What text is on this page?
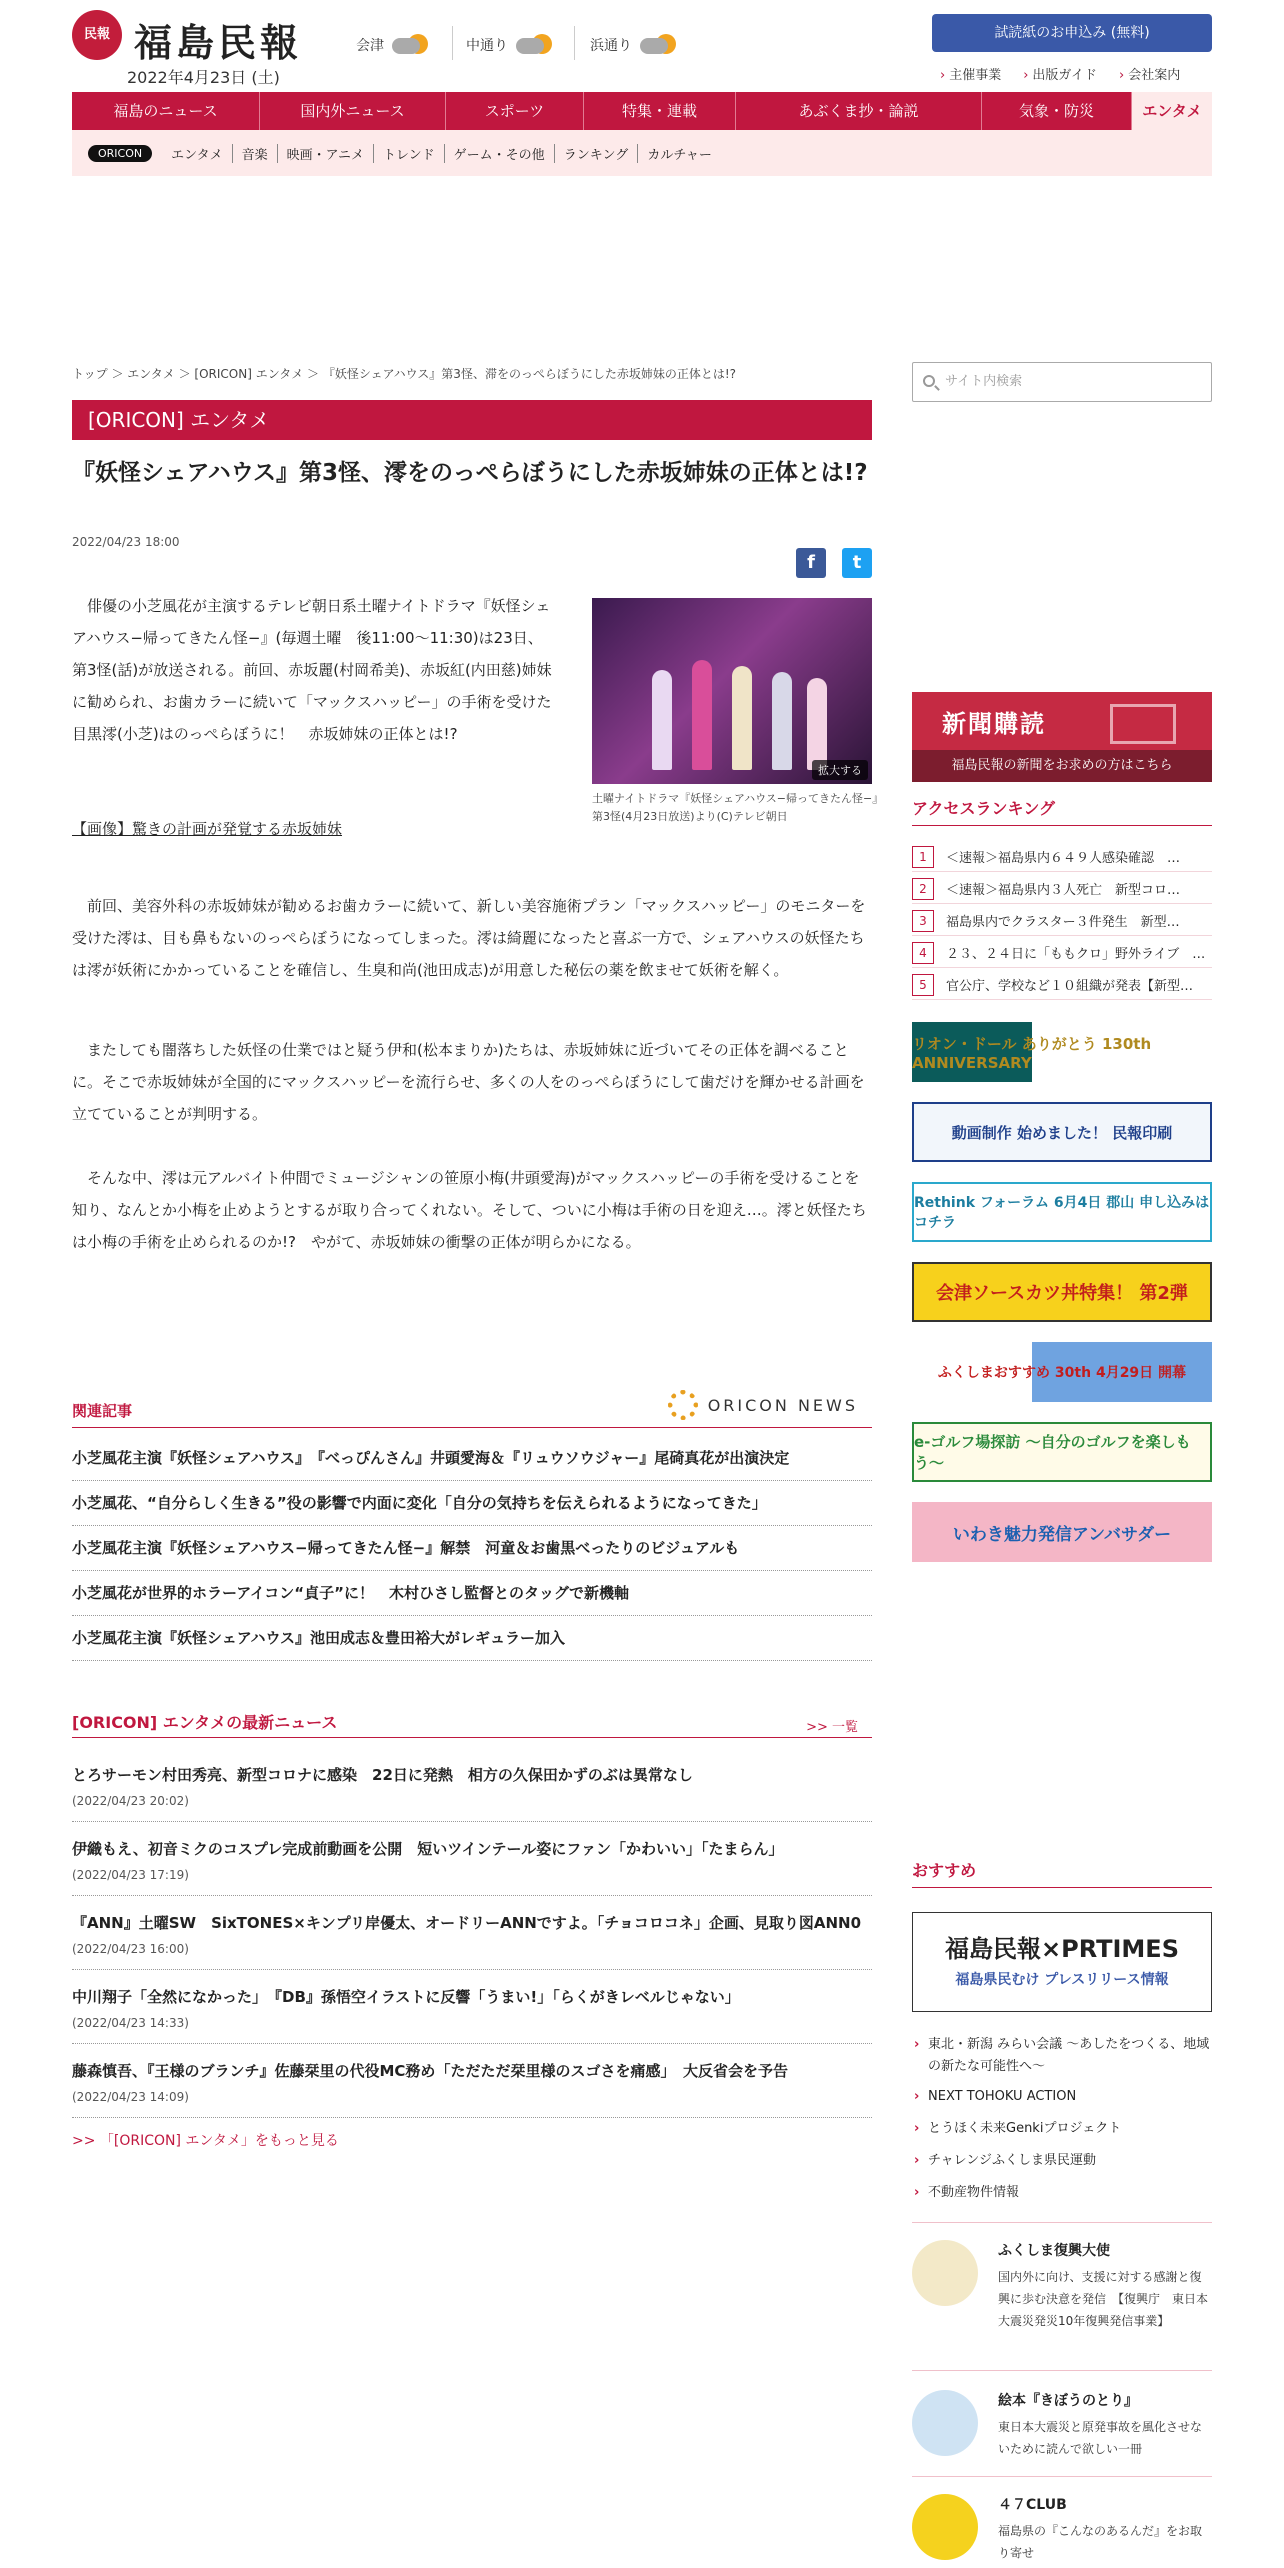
民報 福島民報
2022年4月23日 (土)
会津	中通り	浜通り
試読紙のお申込み (無料)
› 主催事業 › 出版ガイド › 会社案内
福島のニュース	国内外ニュース	スポーツ	特集・連載	あぶくま抄・論説	気象・防災	エンタメ
ORICON	エンタメ	音楽	映画・アニメ	トレンド	ゲーム・その他	ランキング	カルチャー
トップ ＞ エンタメ ＞ [ORICON] エンタメ ＞ 『妖怪シェアハウス』第3怪、滞をのっぺらぼうにした赤坂姉妹の正体とは!?
[ORICON] エンタメ
『妖怪シェアハウス』第3怪、澪をのっぺらぼうにした赤坂姉妹の正体とは!?
2022/04/23 18:00
f	t

俳優の小芝風花が主演するテレビ朝日系土曜ナイトドラマ『妖怪シェアハウス−帰ってきたん怪−』(毎週土曜　後11:00〜11:30)は23日、第3怪(話)が放送される。前回、赤坂麗(村岡希美)、赤坂紅(内田慈)姉妹に勧められ、お歯カラーに続いて「マックスハッピー」の手術を受けた目黒澪(小芝)はのっぺらぼうに！　赤坂姉妹の正体とは!?

拡大する
土曜ナイトドラマ『妖怪シェアハウス−帰ってきたん怪−』第3怪(4月23日放送)より(C)テレビ朝日
【画像】驚きの計画が発覚する赤坂姉妹

前回、美容外科の赤坂姉妹が勧めるお歯カラーに続いて、新しい美容施術プラン「マックスハッピー」のモニターを受けた澪は、目も鼻もないのっぺらぼうになってしまった。澪は綺麗になったと喜ぶ一方で、シェアハウスの妖怪たちは澪が妖術にかかっていることを確信し、生臭和尚(池田成志)が用意した秘伝の薬を飲ませて妖術を解く。

またしても闇落ちした妖怪の仕業ではと疑う伊和(松本まりか)たちは、赤坂姉妹に近づいてその正体を調べることに。そこで赤坂姉妹が全国的にマックスハッピーを流行らせ、多くの人をのっぺらぼうにして歯だけを輝かせる計画を立てていることが判明する。

そんな中、澪は元アルバイト仲間でミュージシャンの笹原小梅(井頭愛海)がマックスハッピーの手術を受けることを知り、なんとか小梅を止めようとするが取り合ってくれない。そして、ついに小梅は手術の日を迎え…。澪と妖怪たちは小梅の手術を止められるのか!?　やがて、赤坂姉妹の衝撃の正体が明らかになる。

関連記事	ORICON NEWS
小芝風花主演『妖怪シェアハウス』　『べっぴんさん』井頭愛海＆『リュウソウジャー』尾碕真花が出演決定
小芝風花、“自分らしく生きる”役の影響で内面に変化「自分の気持ちを伝えられるようになってきた」
小芝風花主演『妖怪シェアハウス−帰ってきたん怪−』解禁　河童＆お歯黒べったりのビジュアルも
小芝風花が世界的ホラーアイコン“貞子”に！　木村ひさし監督とのタッグで新機軸
小芝風花主演『妖怪シェアハウス』池田成志＆豊田裕大がレギュラー加入
[ORICON] エンタメの最新ニュース	>> 一覧
とろサーモン村田秀亮、新型コロナに感染　22日に発熱　相方の久保田かずのぶは異常なし
(2022/04/23 20:02)
伊織もえ、初音ミクのコスプレ完成前動画を公開　短いツインテール姿にファン「かわいい」「たまらん」
(2022/04/23 17:19)
『ANN』土曜SW　SixTONES×キンプリ岸優太、オードリーANNですよ。「チョコロコネ」企画、見取り図ANN0
(2022/04/23 16:00)
中川翔子「全然になかった」　『DB』孫悟空イラストに反響「うまい!」「らくがきレベルじゃない」
(2022/04/23 14:33)
藤森慎吾、『王様のブランチ』佐藤栞里の代役MC務め「ただただ栞里様のスゴさを痛感」　大反省会を予告
(2022/04/23 14:09)
>> 「[ORICON] エンタメ」をもっと見る
サイト内検索
新聞購読
福島民報の新聞をお求めの方はこちら
アクセスランキング
1	＜速報＞福島県内６４９人感染確認　…
2	＜速報＞福島県内３人死亡　新型コロ…
3	福島県内でクラスター３件発生　新型…
4	２３、２４日に「ももクロ」野外ライブ　…
5	官公庁、学校など１０組織が発表【新型…
リオン・ドール ありがとう 130th ANNIVERSARY
動画制作 始めました！ 民報印刷
Rethink フォーラム 6月4日 郡山 申し込みはコチラ
会津ソースカツ丼特集！ 第2弾
ふくしまおすすめ 30th 4月29日 開幕
e-ゴルフ場探訪 〜自分のゴルフを楽しもう〜
いわき魅力発信アンバサダー
おすすめ
福島民報×PRTIMES
福島県民むけ プレスリリース情報
› 東北・新潟 みらい会議 〜あしたをつくる、地域の新たな可能性へ〜
› NEXT TOHOKU ACTION
› とうほく未来Genkiプロジェクト
› チャレンジふくしま県民運動
› 不動産物件情報
ふくしま復興大使
国内外に向け、支援に対する感謝と復興に歩む決意を発信　【復興庁　東日本大震災発災10年復興発信事業】
絵本『きぼうのとり』
東日本大震災と原発事故を風化させないために読んで欲しい一冊
４７CLUB
福島県の『こんなのあるんだ』をお取り寄せ
